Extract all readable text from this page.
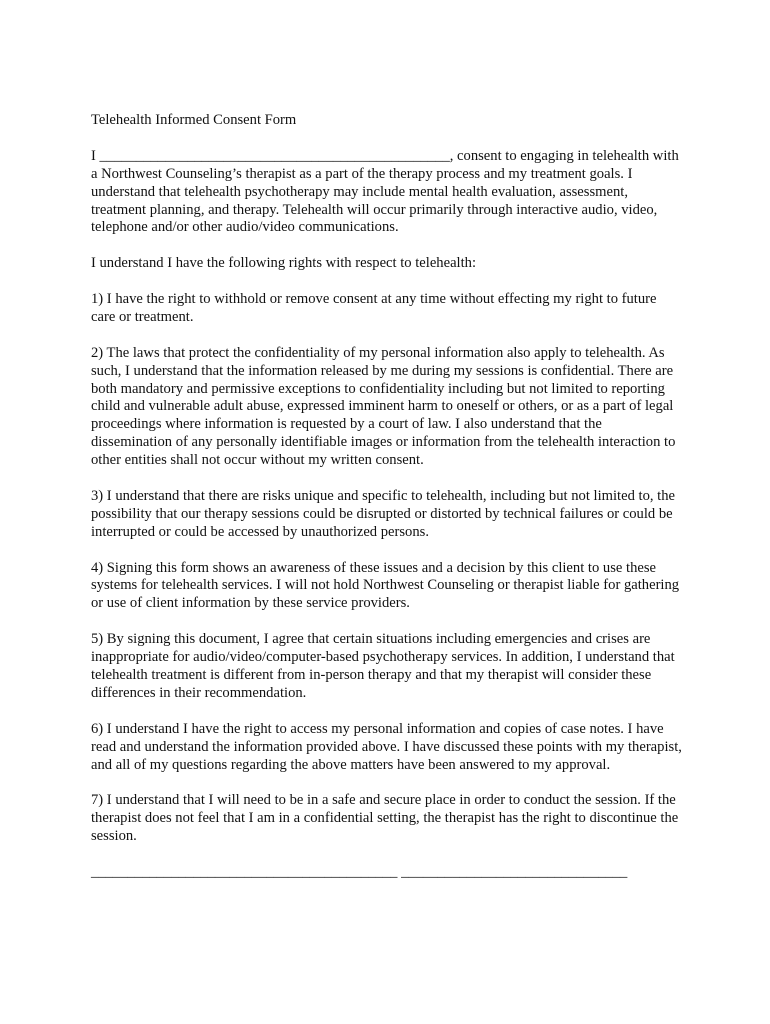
Telehealth Informed Consent Form

I ________________________________________________, consent to engaging in telehealth with a Northwest Counseling’s therapist as a part of the therapy process and my treatment goals. I understand that telehealth psychotherapy may include mental health evaluation, assessment, treatment planning, and therapy. Telehealth will occur primarily through interactive audio, video, telephone and/or other audio/video communications.

I understand I have the following rights with respect to telehealth:

1) I have the right to withhold or remove consent at any time without effecting my right to future care or treatment.

2) The laws that protect the confidentiality of my personal information also apply to telehealth. As such, I understand that the information released by me during my sessions is confidential. There are both mandatory and permissive exceptions to confidentiality including but not limited to reporting child and vulnerable adult abuse, expressed imminent harm to oneself or others, or as a part of legal proceedings where information is requested by a court of law. I also understand that the dissemination of any personally identifiable images or information from the telehealth interaction to other entities shall not occur without my written consent.

3) I understand that there are risks unique and specific to telehealth, including but not limited to, the possibility that our therapy sessions could be disrupted or distorted by technical failures or could be interrupted or could be accessed by unauthorized persons.

4) Signing this form shows an awareness of these issues and a decision by this client to use these systems for telehealth services. I will not hold Northwest Counseling or therapist liable for gathering or use of client information by these service providers.

5) By signing this document, I agree that certain situations including emergencies and crises are inappropriate for audio/video/computer-based psychotherapy services. In addition, I understand that telehealth treatment is different from in-person therapy and that my therapist will consider these differences in their recommendation.

6) I understand I have the right to access my personal information and copies of case notes. I have read and understand the information provided above. I have discussed these points with my therapist, and all of my questions regarding the above matters have been answered to my approval.

7) I understand that I will need to be in a safe and secure place in order to conduct the session. If the therapist does not feel that I am in a confidential setting, the therapist has the right to discontinue the session.

__________________________________________ _______________________________
